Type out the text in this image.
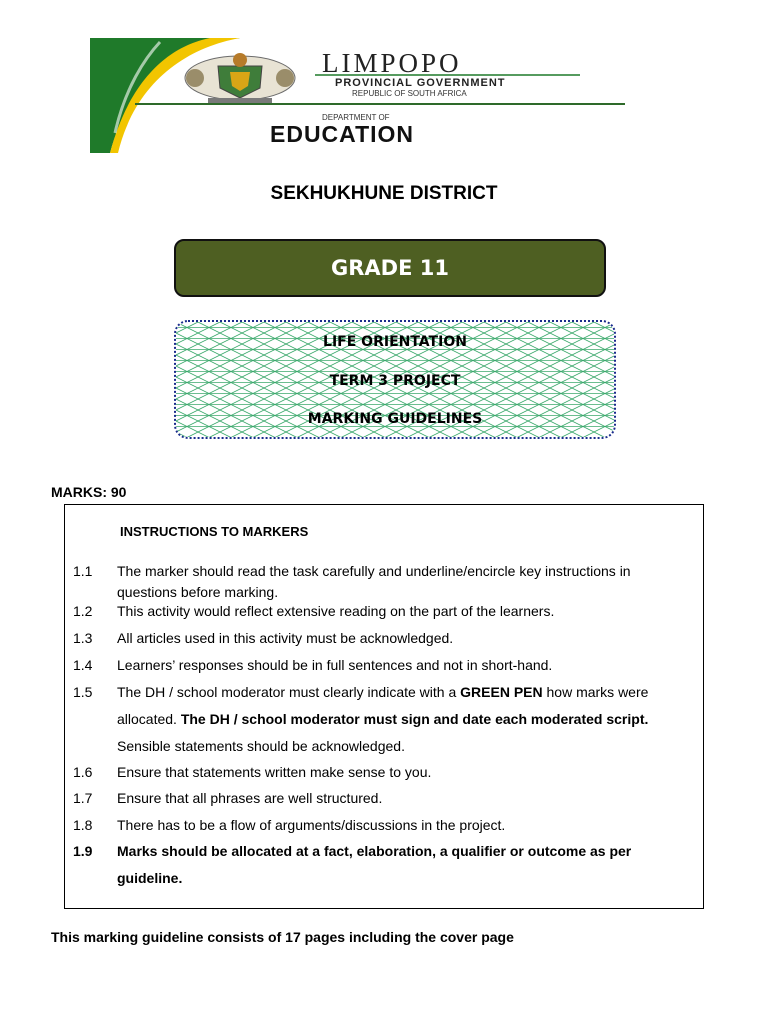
LIMPOPO
PROVINCIAL GOVERNMENT
REPUBLIC OF SOUTH AFRICA
DEPARTMENT OF
EDUCATION
SEKHUKHUNE DISTRICT
GRADE 11
LIFE ORIENTATION
TERM 3 PROJECT
MARKING GUIDELINES
MARKS: 90
INSTRUCTIONS TO MARKERS
1.1 The marker should read the task carefully and underline/encircle key instructions in questions before marking.
1.2 This activity would reflect extensive reading on the part of the learners.
1.3 All articles used in this activity must be acknowledged.
1.4 Learners’ responses should be in full sentences and not in short-hand.
1.5 The DH / school moderator must clearly indicate with a GREEN PEN how marks were allocated. The DH / school moderator must sign and date each moderated script. Sensible statements should be acknowledged.
1.6 Ensure that statements written make sense to you.
1.7 Ensure that all phrases are well structured.
1.8 There has to be a flow of arguments/discussions in the project.
1.9 Marks should be allocated at a fact, elaboration, a qualifier or outcome as per guideline.
This marking guideline consists of 17 pages including the cover page
